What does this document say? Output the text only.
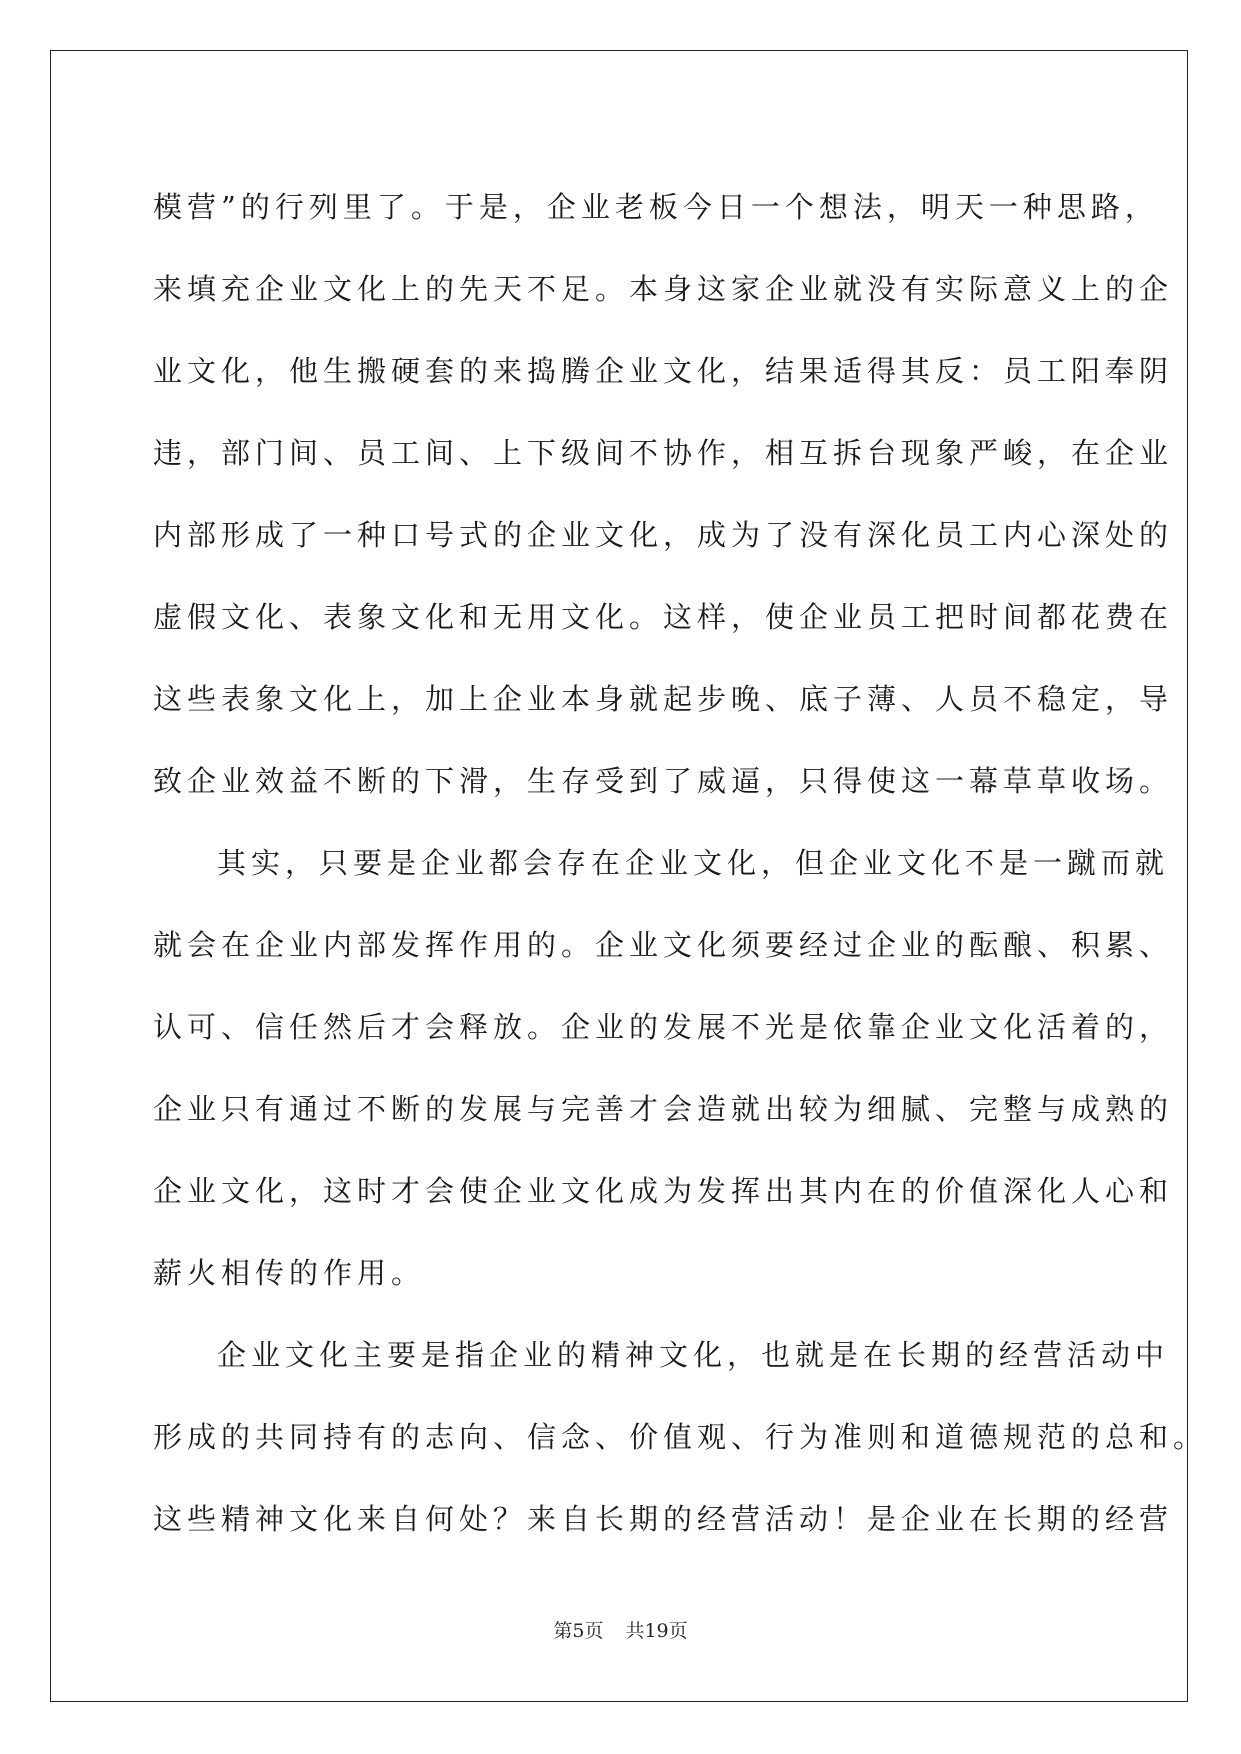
模营”的行列里了。于是，企业老板今日一个想法，明天一种思路，
来填充企业文化上的先天不足。本身这家企业就没有实际意义上的企
业文化，他生搬硬套的来捣腾企业文化，结果适得其反：员工阳奉阴
违，部门间、员工间、上下级间不协作，相互拆台现象严峻，在企业
内部形成了一种口号式的企业文化，成为了没有深化员工内心深处的
虚假文化、表象文化和无用文化。这样，使企业员工把时间都花费在
这些表象文化上，加上企业本身就起步晚、底子薄、人员不稳定，导
致企业效益不断的下滑，生存受到了威逼，只得使这一幕草草收场。
其实，只要是企业都会存在企业文化，但企业文化不是一蹴而就
就会在企业内部发挥作用的。企业文化须要经过企业的酝酿、积累、
认可、信任然后才会释放。企业的发展不光是依靠企业文化活着的，
企业只有通过不断的发展与完善才会造就出较为细腻、完整与成熟的
企业文化，这时才会使企业文化成为发挥出其内在的价值深化人心和
薪火相传的作用。
企业文化主要是指企业的精神文化，也就是在长期的经营活动中
形成的共同持有的志向、信念、价值观、行为准则和道德规范的总和。
这些精神文化来自何处？来自长期的经营活动！是企业在长期的经营
第5页 共19页
